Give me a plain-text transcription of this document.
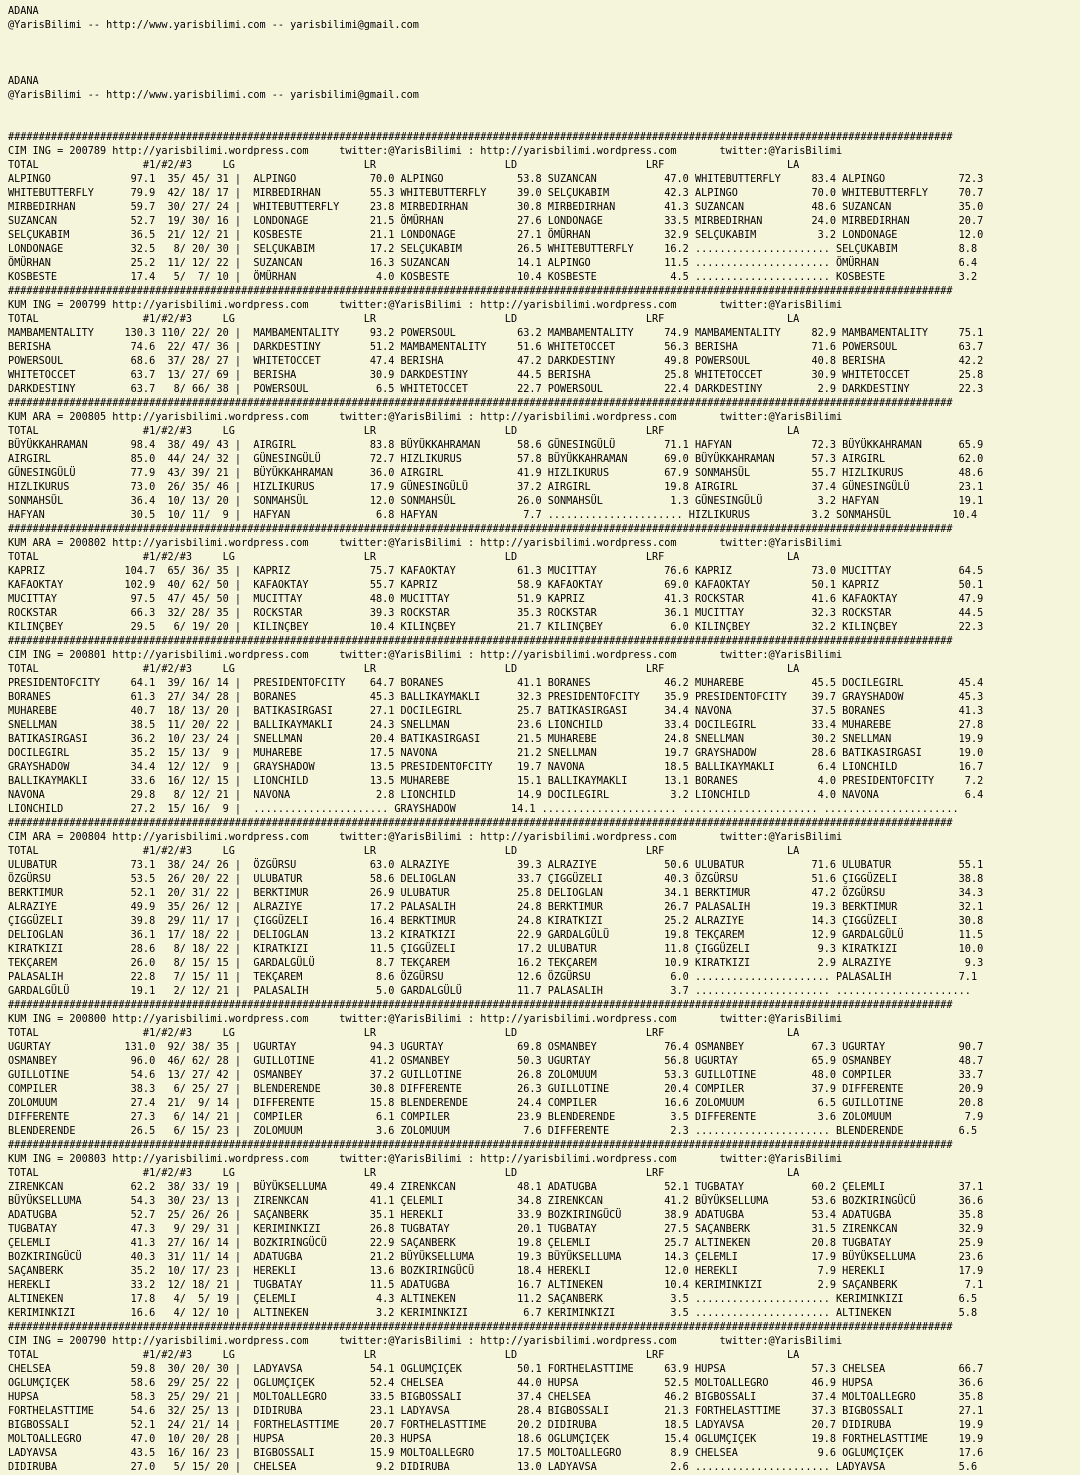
ADANA
@YarisBilimi -- http://www.yarisbilimi.com -- yarisbilimi@gmail.com
ADANA
@YarisBilimi -- http://www.yarisbilimi.com -- yarisbilimi@gmail.com
##########################################################################################################################################################
CIM ING = 200789 http://yarisbilimi.wordpress.com     twitter:@YarisBilimi : http://yarisbilimi.wordpress.com       twitter:@YarisBilimi
TOTAL                 #1/#2/#3     LG                     LR                     LD                     LRF                    LA
ALPINGO             97.1  35/ 45/ 31 |  ALPINGO            70.0 ALPINGO            53.8 SUZANCAN           47.0 WHITEBUTTERFLY     83.4 ALPINGO            72.3
WHITEBUTTERFLY      79.9  42/ 18/ 17 |  MIRBEDIRHAN        55.3 WHITEBUTTERFLY     39.0 SELÇUKABIM         42.3 ALPINGO            70.0 WHITEBUTTERFLY     70.7
MIRBEDIRHAN         59.7  30/ 27/ 24 |  WHITEBUTTERFLY     23.8 MIRBEDIRHAN        30.8 MIRBEDIRHAN        41.3 SUZANCAN           48.6 SUZANCAN           35.0
SUZANCAN            52.7  19/ 30/ 16 |  LONDONAGE          21.5 ÖMÜRHAN            27.6 LONDONAGE          33.5 MIRBEDIRHAN        24.0 MIRBEDIRHAN        20.7
SELÇUKABIM          36.5  21/ 12/ 21 |  KOSBESTE           21.1 LONDONAGE          27.1 ÖMÜRHAN            32.9 SELÇUKABIM          3.2 LONDONAGE          12.0
LONDONAGE           32.5   8/ 20/ 30 |  SELÇUKABIM         17.2 SELÇUKABIM         26.5 WHITEBUTTERFLY     16.2 ...................... SELÇUKABIM          8.8
ÖMÜRHAN             25.2  11/ 12/ 22 |  SUZANCAN           16.3 SUZANCAN           14.1 ALPINGO            11.5 ...................... ÖMÜRHAN             6.4
KOSBESTE            17.4   5/  7/ 10 |  ÖMÜRHAN             4.0 KOSBESTE           10.4 KOSBESTE            4.5 ...................... KOSBESTE            3.2
##########################################################################################################################################################
KUM ING = 200799 http://yarisbilimi.wordpress.com     twitter:@YarisBilimi : http://yarisbilimi.wordpress.com       twitter:@YarisBilimi
TOTAL                 #1/#2/#3     LG                     LR                     LD                     LRF                    LA
MAMBAMENTALITY     130.3 110/ 22/ 20 |  MAMBAMENTALITY     93.2 POWERSOUL          63.2 MAMBAMENTALITY     74.9 MAMBAMENTALITY     82.9 MAMBAMENTALITY     75.1
BERISHA             74.6  22/ 47/ 36 |  DARKDESTINY        51.2 MAMBAMENTALITY     51.6 WHITETOCCET        56.3 BERISHA            71.6 POWERSOUL          63.7
POWERSOUL           68.6  37/ 28/ 27 |  WHITETOCCET        47.4 BERISHA            47.2 DARKDESTINY        49.8 POWERSOUL          40.8 BERISHA            42.2
WHITETOCCET         63.7  13/ 27/ 69 |  BERISHA            30.9 DARKDESTINY        44.5 BERISHA            25.8 WHITETOCCET        30.9 WHITETOCCET        25.8
DARKDESTINY         63.7   8/ 66/ 38 |  POWERSOUL           6.5 WHITETOCCET        22.7 POWERSOUL          22.4 DARKDESTINY         2.9 DARKDESTINY        22.3
##########################################################################################################################################################
KUM ARA = 200805 http://yarisbilimi.wordpress.com     twitter:@YarisBilimi : http://yarisbilimi.wordpress.com       twitter:@YarisBilimi
TOTAL                 #1/#2/#3     LG                     LR                     LD                     LRF                    LA
BÜYÜKKAHRAMAN       98.4  38/ 49/ 43 |  AIRGIRL            83.8 BÜYÜKKAHRAMAN      58.6 GÜNESINGÜLÜ        71.1 HAFYAN             72.3 BÜYÜKKAHRAMAN      65.9
AIRGIRL             85.0  44/ 24/ 32 |  GÜNESINGÜLÜ        72.7 HIZLIKURUS         57.8 BÜYÜKKAHRAMAN      69.0 BÜYÜKKAHRAMAN      57.3 AIRGIRL            62.0
GÜNESINGÜLÜ         77.9  43/ 39/ 21 |  BÜYÜKKAHRAMAN      36.0 AIRGIRL            41.9 HIZLIKURUS         67.9 SONMAHSÜL          55.7 HIZLIKURUS         48.6
HIZLIKURUS          73.0  26/ 35/ 46 |  HIZLIKURUS         17.9 GÜNESINGÜLÜ        37.2 AIRGIRL            19.8 AIRGIRL            37.4 GÜNESINGÜLÜ        23.1
SONMAHSÜL           36.4  10/ 13/ 20 |  SONMAHSÜL          12.0 SONMAHSÜL          26.0 SONMAHSÜL           1.3 GÜNESINGÜLÜ         3.2 HAFYAN             19.1
HAFYAN              30.5  10/ 11/  9 |  HAFYAN              6.8 HAFYAN              7.7 ...................... HIZLIKURUS          3.2 SONMAHSÜL          10.4
##########################################################################################################################################################
KUM ARA = 200802 http://yarisbilimi.wordpress.com     twitter:@YarisBilimi : http://yarisbilimi.wordpress.com       twitter:@YarisBilimi
TOTAL                 #1/#2/#3     LG                     LR                     LD                     LRF                    LA
KAPRIZ             104.7  65/ 36/ 35 |  KAPRIZ             75.7 KAFAOKTAY          61.3 MUCITTAY           76.6 KAPRIZ             73.0 MUCITTAY           64.5
KAFAOKTAY          102.9  40/ 62/ 50 |  KAFAOKTAY          55.7 KAPRIZ             58.9 KAFAOKTAY          69.0 KAFAOKTAY          50.1 KAPRIZ             50.1
MUCITTAY            97.5  47/ 45/ 50 |  MUCITTAY           48.0 MUCITTAY           51.9 KAPRIZ             41.3 ROCKSTAR           41.6 KAFAOKTAY          47.9
ROCKSTAR            66.3  32/ 28/ 35 |  ROCKSTAR           39.3 ROCKSTAR           35.3 ROCKSTAR           36.1 MUCITTAY           32.3 ROCKSTAR           44.5
KILINÇBEY           29.5   6/ 19/ 20 |  KILINÇBEY          10.4 KILINÇBEY          21.7 KILINÇBEY           6.0 KILINÇBEY          32.2 KILINÇBEY          22.3
##########################################################################################################################################################
CIM ING = 200801 http://yarisbilimi.wordpress.com     twitter:@YarisBilimi : http://yarisbilimi.wordpress.com       twitter:@YarisBilimi
TOTAL                 #1/#2/#3     LG                     LR                     LD                     LRF                    LA
PRESIDENTOFCITY     64.1  39/ 16/ 14 |  PRESIDENTOFCITY    64.7 BORANES            41.1 BORANES            46.2 MUHAREBE           45.5 DOCILEGIRL         45.4
BORANES             61.3  27/ 34/ 28 |  BORANES            45.3 BALLIKAYMAKLI      32.3 PRESIDENTOFCITY    35.9 PRESIDENTOFCITY    39.7 GRAYSHADOW         45.3
MUHAREBE            40.7  18/ 13/ 20 |  BATIKASIRGASI      27.1 DOCILEGIRL         25.7 BATIKASIRGASI      34.4 NAVONA             37.5 BORANES            41.3
SNELLMAN            38.5  11/ 20/ 22 |  BALLIKAYMAKLI      24.3 SNELLMAN           23.6 LIONCHILD          33.4 DOCILEGIRL         33.4 MUHAREBE           27.8
BATIKASIRGASI       36.2  10/ 23/ 24 |  SNELLMAN           20.4 BATIKASIRGASI      21.5 MUHAREBE           24.8 SNELLMAN           30.2 SNELLMAN           19.9
DOCILEGIRL          35.2  15/ 13/  9 |  MUHAREBE           17.5 NAVONA             21.2 SNELLMAN           19.7 GRAYSHADOW         28.6 BATIKASIRGASI      19.0
GRAYSHADOW          34.4  12/ 12/  9 |  GRAYSHADOW         13.5 PRESIDENTOFCITY    19.7 NAVONA             18.5 BALLIKAYMAKLI       6.4 LIONCHILD          16.7
BALLIKAYMAKLI       33.6  16/ 12/ 15 |  LIONCHILD          13.5 MUHAREBE           15.1 BALLIKAYMAKLI      13.1 BORANES             4.0 PRESIDENTOFCITY     7.2
NAVONA              29.8   8/ 12/ 21 |  NAVONA              2.8 LIONCHILD          14.9 DOCILEGIRL          3.2 LIONCHILD           4.0 NAVONA              6.4
LIONCHILD           27.2  15/ 16/  9 |  ...................... GRAYSHADOW         14.1 ...................... ...................... ......................
##########################################################################################################################################################
CIM ARA = 200804 http://yarisbilimi.wordpress.com     twitter:@YarisBilimi : http://yarisbilimi.wordpress.com       twitter:@YarisBilimi
TOTAL                 #1/#2/#3     LG                     LR                     LD                     LRF                    LA
ULUBATUR            73.1  38/ 24/ 26 |  ÖZGÜRSU            63.0 ALRAZIYE           39.3 ALRAZIYE           50.6 ULUBATUR           71.6 ULUBATUR           55.1
ÖZGÜRSU             53.5  26/ 20/ 22 |  ULUBATUR           58.6 DELIOGLAN          33.7 ÇIGGÜZELI          40.3 ÖZGÜRSU            51.6 ÇIGGÜZELI          38.8
BERKTIMUR           52.1  20/ 31/ 22 |  BERKTIMUR          26.9 ULUBATUR           25.8 DELIOGLAN          34.1 BERKTIMUR          47.2 ÖZGÜRSU            34.3
ALRAZIYE            49.9  35/ 26/ 12 |  ALRAZIYE           17.2 PALASALIH          24.8 BERKTIMUR          26.7 PALASALIH          19.3 BERKTIMUR          32.1
ÇIGGÜZELI           39.8  29/ 11/ 17 |  ÇIGGÜZELI          16.4 BERKTIMUR          24.8 KIRATKIZI          25.2 ALRAZIYE           14.3 ÇIGGÜZELI          30.8
DELIOGLAN           36.1  17/ 18/ 22 |  DELIOGLAN          13.2 KIRATKIZI          22.9 GARDALGÜLÜ         19.8 TEKÇAREM           12.9 GARDALGÜLÜ         11.5
KIRATKIZI           28.6   8/ 18/ 22 |  KIRATKIZI          11.5 ÇIGGÜZELI          17.2 ULUBATUR           11.8 ÇIGGÜZELI           9.3 KIRATKIZI          10.0
TEKÇAREM            26.0   8/ 15/ 15 |  GARDALGÜLÜ          8.7 TEKÇAREM           16.2 TEKÇAREM           10.9 KIRATKIZI           2.9 ALRAZIYE            9.3
PALASALIH           22.8   7/ 15/ 11 |  TEKÇAREM            8.6 ÖZGÜRSU            12.6 ÖZGÜRSU             6.0 ...................... PALASALIH           7.1
GARDALGÜLÜ          19.1   2/ 12/ 21 |  PALASALIH           5.0 GARDALGÜLÜ         11.7 PALASALIH           3.7 ...................... ......................
##########################################################################################################################################################
KUM ING = 200800 http://yarisbilimi.wordpress.com     twitter:@YarisBilimi : http://yarisbilimi.wordpress.com       twitter:@YarisBilimi
TOTAL                 #1/#2/#3     LG                     LR                     LD                     LRF                    LA
UGURTAY            131.0  92/ 38/ 35 |  UGURTAY            94.3 UGURTAY            69.8 OSMANBEY           76.4 OSMANBEY           67.3 UGURTAY            90.7
OSMANBEY            96.0  46/ 62/ 28 |  GUILLOTINE         41.2 OSMANBEY           50.3 UGURTAY            56.8 UGURTAY            65.9 OSMANBEY           48.7
GUILLOTINE          54.6  13/ 27/ 42 |  OSMANBEY           37.2 GUILLOTINE         26.8 ZOLOMUUM           53.3 GUILLOTINE         48.0 COMPILER           33.7
COMPILER            38.3   6/ 25/ 27 |  BLENDERENDE        30.8 DIFFERENTE         26.3 GUILLOTINE         20.4 COMPILER           37.9 DIFFERENTE         20.9
ZOLOMUUM            27.4  21/  9/ 14 |  DIFFERENTE         15.8 BLENDERENDE        24.4 COMPILER           16.6 ZOLOMUUM            6.5 GUILLOTINE         20.8
DIFFERENTE          27.3   6/ 14/ 21 |  COMPILER            6.1 COMPILER           23.9 BLENDERENDE         3.5 DIFFERENTE          3.6 ZOLOMUUM            7.9
BLENDERENDE         26.5   6/ 15/ 23 |  ZOLOMUUM            3.6 ZOLOMUUM            7.6 DIFFERENTE          2.3 ...................... BLENDERENDE         6.5
##########################################################################################################################################################
KUM ING = 200803 http://yarisbilimi.wordpress.com     twitter:@YarisBilimi : http://yarisbilimi.wordpress.com       twitter:@YarisBilimi
TOTAL                 #1/#2/#3     LG                     LR                     LD                     LRF                    LA
ZIRENKCAN           62.2  38/ 33/ 19 |  BÜYÜKSELLUMA       49.4 ZIRENKCAN          48.1 ADATUGBA           52.1 TUGBATAY           60.2 ÇELEMLI            37.1
BÜYÜKSELLUMA        54.3  30/ 23/ 13 |  ZIRENKCAN          41.1 ÇELEMLI            34.8 ZIRENKCAN          41.2 BÜYÜKSELLUMA       53.6 BOZKIRINGÜCÜ       36.6
ADATUGBA            52.7  25/ 26/ 26 |  SAÇANBERK          35.1 HEREKLI            33.9 BOZKIRINGÜCÜ       38.9 ADATUGBA           53.4 ADATUGBA           35.8
TUGBATAY            47.3   9/ 29/ 31 |  KERIMINKIZI        26.8 TUGBATAY           20.1 TUGBATAY           27.5 SAÇANBERK          31.5 ZIRENKCAN          32.9
ÇELEMLI             41.3  27/ 16/ 14 |  BOZKIRINGÜCÜ       22.9 SAÇANBERK          19.8 ÇELEMLI            25.7 ALTINEKEN          20.8 TUGBATAY           25.9
BOZKIRINGÜCÜ        40.3  31/ 11/ 14 |  ADATUGBA           21.2 BÜYÜKSELLUMA       19.3 BÜYÜKSELLUMA       14.3 ÇELEMLI            17.9 BÜYÜKSELLUMA       23.6
SAÇANBERK           35.2  10/ 17/ 23 |  HEREKLI            13.6 BOZKIRINGÜCÜ       18.4 HEREKLI            12.0 HEREKLI             7.9 HEREKLI            17.9
HEREKLI             33.2  12/ 18/ 21 |  TUGBATAY           11.5 ADATUGBA           16.7 ALTINEKEN          10.4 KERIMINKIZI         2.9 SAÇANBERK           7.1
ALTINEKEN           17.8   4/  5/ 19 |  ÇELEMLI             4.3 ALTINEKEN          11.2 SAÇANBERK           3.5 ...................... KERIMINKIZI         6.5
KERIMINKIZI         16.6   4/ 12/ 10 |  ALTINEKEN           3.2 KERIMINKIZI         6.7 KERIMINKIZI         3.5 ...................... ALTINEKEN           5.8
##########################################################################################################################################################
CIM ING = 200790 http://yarisbilimi.wordpress.com     twitter:@YarisBilimi : http://yarisbilimi.wordpress.com       twitter:@YarisBilimi
TOTAL                 #1/#2/#3     LG                     LR                     LD                     LRF                    LA
CHELSEA             59.8  30/ 20/ 30 |  LADYAVSA           54.1 OGLUMÇIÇEK         50.1 FORTHELASTTIME     63.9 HUPSA              57.3 CHELSEA            66.7
OGLUMÇIÇEK          58.6  29/ 25/ 22 |  OGLUMÇIÇEK         52.4 CHELSEA            44.0 HUPSA              52.5 MOLTOALLEGRO       46.9 HUPSA              36.6
HUPSA               58.3  25/ 29/ 21 |  MOLTOALLEGRO       33.5 BIGBOSSALI         37.4 CHELSEA            46.2 BIGBOSSALI         37.4 MOLTOALLEGRO       35.8
FORTHELASTTIME      54.6  32/ 25/ 13 |  DIDIRUBA           23.1 LADYAVSA           28.4 BIGBOSSALI         21.3 FORTHELASTTIME     37.3 BIGBOSSALI         27.1
BIGBOSSALI          52.1  24/ 21/ 14 |  FORTHELASTTIME     20.7 FORTHELASTTIME     20.2 DIDIRUBA           18.5 LADYAVSA           20.7 DIDIRUBA           19.9
MOLTOALLEGRO        47.0  10/ 20/ 28 |  HUPSA              20.3 HUPSA              18.6 OGLUMÇIÇEK         15.4 OGLUMÇIÇEK         19.8 FORTHELASTTIME     19.9
LADYAVSA            43.5  16/ 16/ 23 |  BIGBOSSALI         15.9 MOLTOALLEGRO       17.5 MOLTOALLEGRO        8.9 CHELSEA             9.6 OGLUMÇIÇEK         17.6
DIDIRUBA            27.0   5/ 15/ 20 |  CHELSEA             9.2 DIDIRUBA           13.0 LADYAVSA            2.6 ...................... LADYAVSA            5.6
